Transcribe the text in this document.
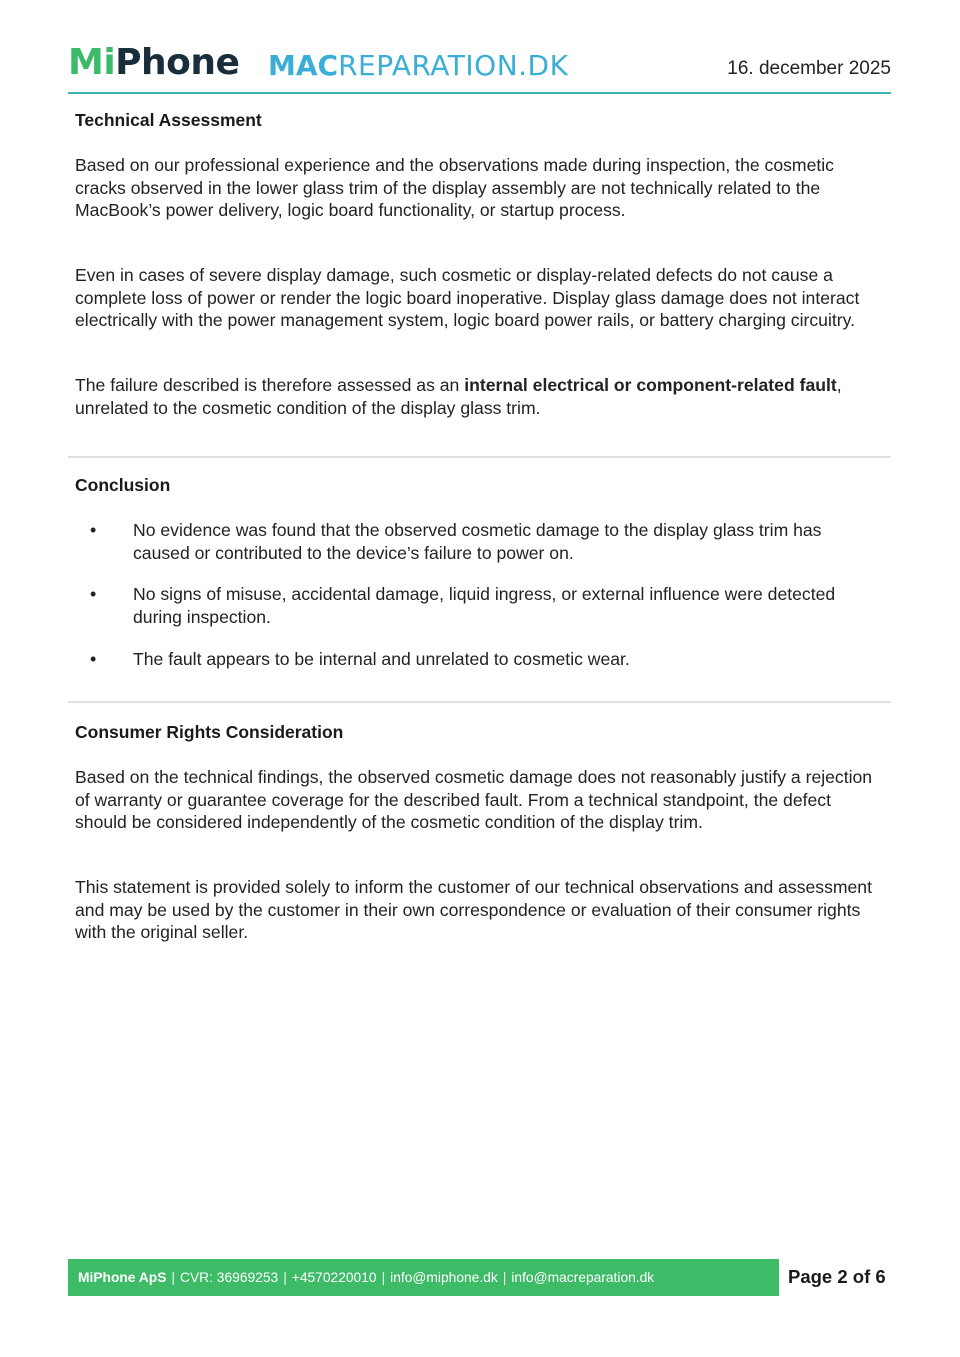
MiPhone MACREPARATION.DK	16. december 2025
Technical Assessment

Based on our professional experience and the observations made during inspection, the cosmetic cracks observed in the lower glass trim of the display assembly are not technically related to the MacBook’s power delivery, logic board functionality, or startup process.

Even in cases of severe display damage, such cosmetic or display-related defects do not cause a complete loss of power or render the logic board inoperative. Display glass damage does not interact electrically with the power management system, logic board power rails, or battery charging circuitry.

The failure described is therefore assessed as an internal electrical or component-related fault, unrelated to the cosmetic condition of the display glass trim.

Conclusion
• No evidence was found that the observed cosmetic damage to the display glass trim has caused or contributed to the device’s failure to power on.
• No signs of misuse, accidental damage, liquid ingress, or external influence were detected during inspection.
• The fault appears to be internal and unrelated to cosmetic wear.
Consumer Rights Consideration

Based on the technical findings, the observed cosmetic damage does not reasonably justify a rejection of warranty or guarantee coverage for the described fault. From a technical standpoint, the defect should be considered independently of the cosmetic condition of the display trim.

This statement is provided solely to inform the customer of our technical observations and assessment and may be used by the customer in their own correspondence or evaluation of their consumer rights with the original seller.

MiPhone ApS | CVR: 36969253 | +4570220010 | info@miphone.dk | info@macreparation.dk	Page 2 of 6
